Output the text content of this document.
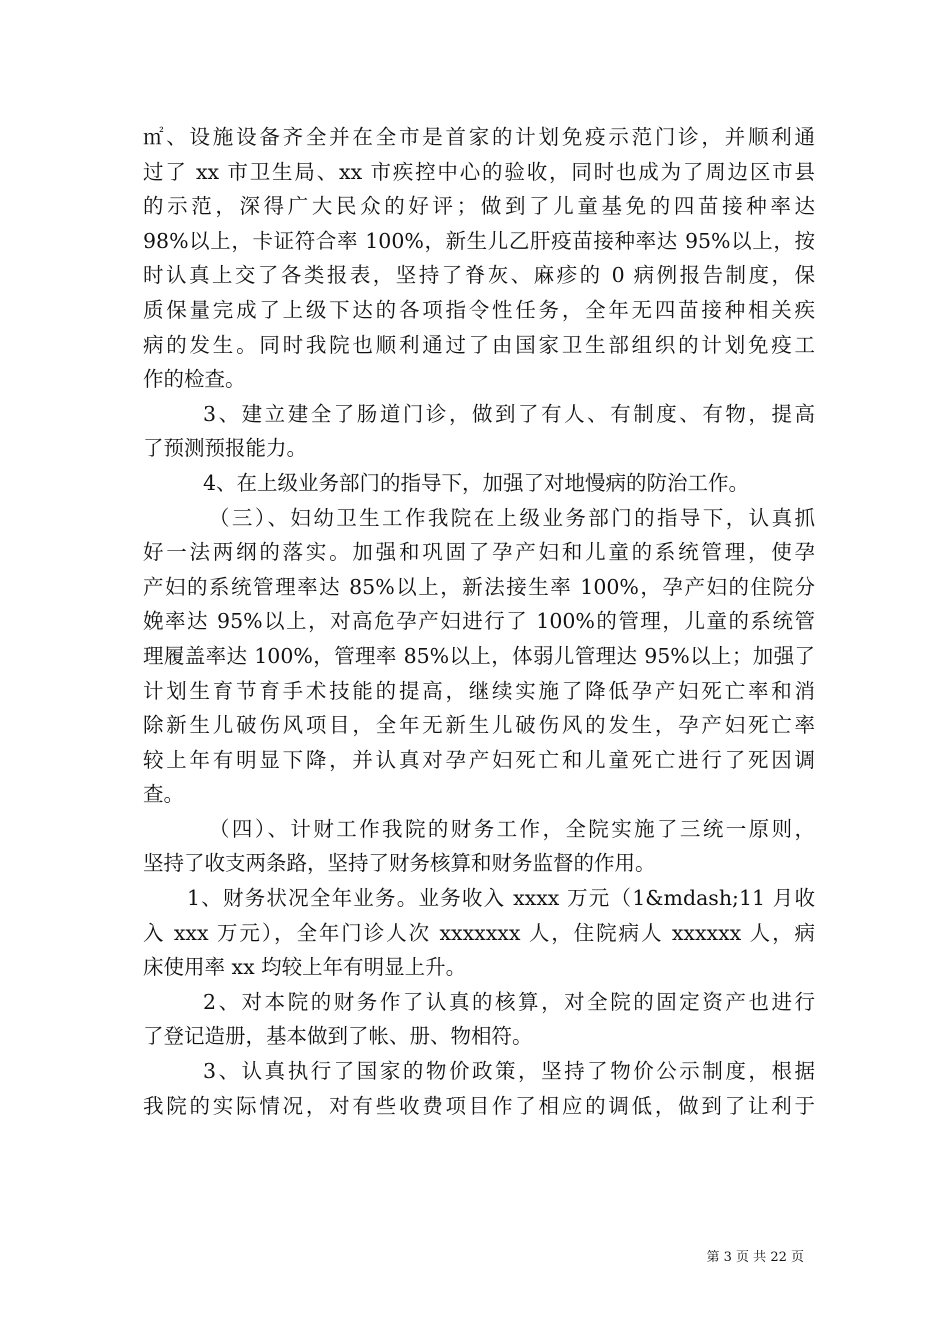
㎡、设施设备齐全并在全市是首家的计划免疫示范门诊，并顺利通
过了 xx 市卫生局、xx 市疾控中心的验收，同时也成为了周边区市县
的示范，深得广大民众的好评；做到了儿童基免的四苗接种率达
98%以上，卡证符合率 100%，新生儿乙肝疫苗接种率达 95%以上，按
时认真上交了各类报表，坚持了脊灰、麻疹的 0 病例报告制度，保
质保量完成了上级下达的各项指令性任务，全年无四苗接种相关疾
病的发生。同时我院也顺利通过了由国家卫生部组织的计划免疫工
作的检查。
3、建立建全了肠道门诊，做到了有人、有制度、有物，提高
了预测预报能力。
4、在上级业务部门的指导下，加强了对地慢病的防治工作。
（三）、妇幼卫生工作我院在上级业务部门的指导下，认真抓
好一法两纲的落实。加强和巩固了孕产妇和儿童的系统管理，使孕
产妇的系统管理率达 85%以上，新法接生率 100%，孕产妇的住院分
娩率达 95%以上，对高危孕产妇进行了 100%的管理，儿童的系统管
理履盖率达 100%，管理率 85%以上，体弱儿管理达 95%以上；加强了
计划生育节育手术技能的提高，继续实施了降低孕产妇死亡率和消
除新生儿破伤风项目，全年无新生儿破伤风的发生，孕产妇死亡率
较上年有明显下降，并认真对孕产妇死亡和儿童死亡进行了死因调
查。
（四）、计财工作我院的财务工作，全院实施了三统一原则，
坚持了收支两条路，坚持了财务核算和财务监督的作用。
1、财务状况全年业务。业务收入 xxxx 万元（1&mdash;11 月收
入 xxx 万元），全年门诊人次 xxxxxxx 人，住院病人 xxxxxx 人，病
床使用率 xx 均较上年有明显上升。
2、对本院的财务作了认真的核算，对全院的固定资产也进行
了登记造册，基本做到了帐、册、物相符。
3、认真执行了国家的物价政策，坚持了物价公示制度，根据
我院的实际情况，对有些收费项目作了相应的调低，做到了让利于
第 3 页 共 22 页
